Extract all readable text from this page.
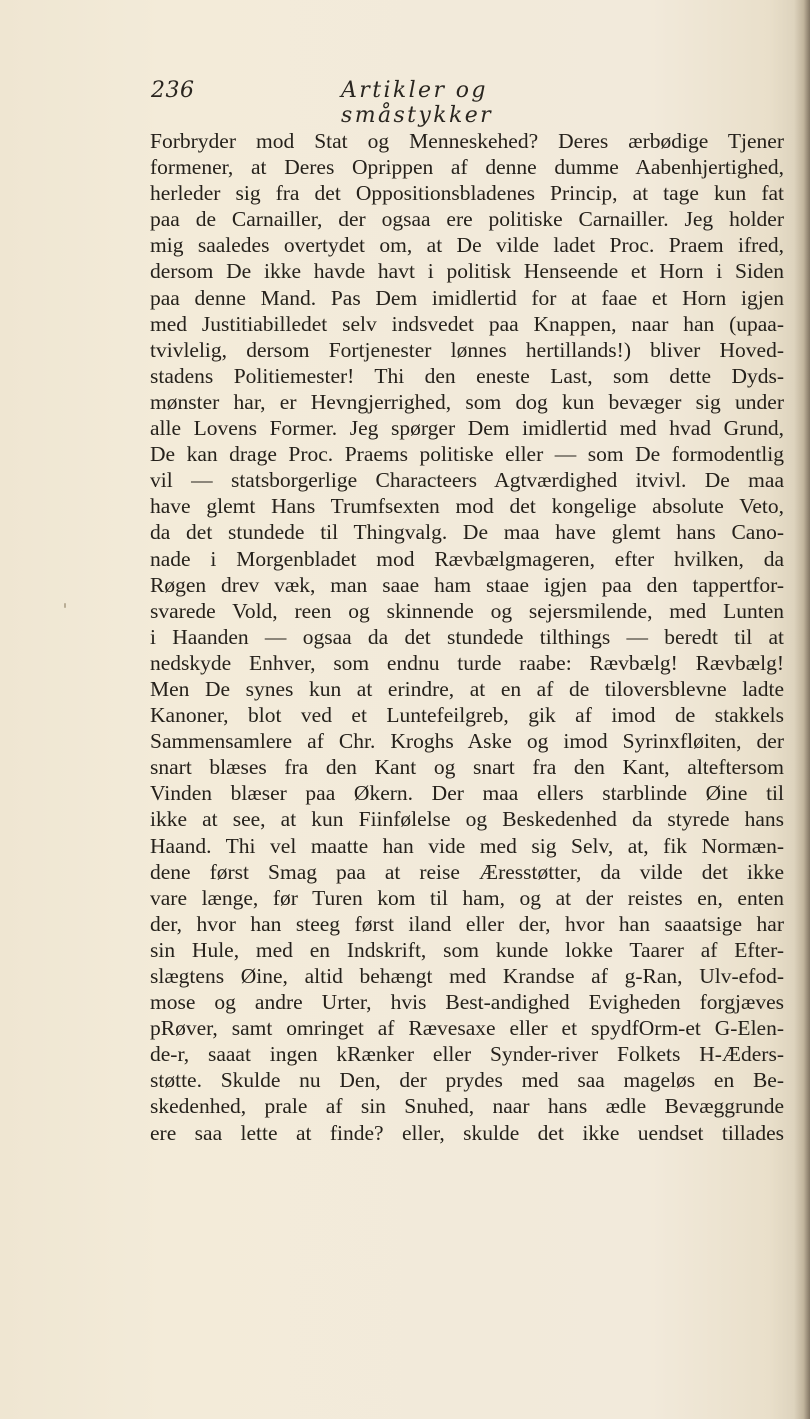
236	Artikler og småstykker
Forbryder mod Stat og Menneskehed? Deres ærbødige Tjener
formener, at Deres Oprippen af denne dumme Aabenhjertighed,
herleder sig fra det Oppositionsbladenes Princip, at tage kun fat
paa de Carnailler, der ogsaa ere politiske Carnailler. Jeg holder
mig saaledes overtydet om, at De vilde ladet Proc. Praem ifred,
dersom De ikke havde havt i politisk Henseende et Horn i Siden
paa denne Mand. Pas Dem imidlertid for at faae et Horn igjen
med Justitiabilledet selv indsvedet paa Knappen, naar han (upaa-
tvivlelig, dersom Fortjenester lønnes hertillands!) bliver Hoved-
stadens Politiemester! Thi den eneste Last, som dette Dyds-
mønster har, er Hevngjerrighed, som dog kun bevæger sig under
alle Lovens Former. Jeg spørger Dem imidlertid med hvad Grund,
De kan drage Proc. Praems politiske eller — som De formodentlig
vil — statsborgerlige Characteers Agtværdighed itvivl. De maa
have glemt Hans Trumfsexten mod det kongelige absolute Veto,
da det stundede til Thingvalg. De maa have glemt hans Cano-
nade i Morgenbladet mod Rævbælgmageren, efter hvilken, da
Røgen drev væk, man saae ham staae igjen paa den tappertfor-
svarede Vold, reen og skinnende og sejersmilende, med Lunten
i Haanden — ogsaa da det stundede tilthings — beredt til at
nedskyde Enhver, som endnu turde raabe: Rævbælg! Rævbælg!
Men De synes kun at erindre, at en af de tiloversblevne ladte
Kanoner, blot ved et Luntefeilgreb, gik af imod de stakkels
Sammensamlere af Chr. Kroghs Aske og imod Syrinxfløiten, der
snart blæses fra den Kant og snart fra den Kant, alteftersom
Vinden blæser paa Økern. Der maa ellers starblinde Øine til
ikke at see, at kun Fiinfølelse og Beskedenhed da styrede hans
Haand. Thi vel maatte han vide med sig Selv, at, fik Normæn-
dene først Smag paa at reise Æresstøtter, da vilde det ikke
vare længe, før Turen kom til ham, og at der reistes en, enten
der, hvor han steeg først iland eller der, hvor han saaatsige har
sin Hule, med en Indskrift, som kunde lokke Taarer af Efter-
slægtens Øine, altid behængt med Krandse af g-Ran, Ulv-efod-
mose og andre Urter, hvis Best-andighed Evigheden forgjæves
pRøver, samt omringet af Rævesaxe eller et spydfOrm-et G-Elen-
de-r, saaat ingen kRænker eller Synder-river Folkets H-Æders-
støtte. Skulde nu Den, der prydes med saa mageløs en Be-
skedenhed, prale af sin Snuhed, naar hans ædle Bevæggrunde
ere saa lette at finde? eller, skulde det ikke uendset tillades
